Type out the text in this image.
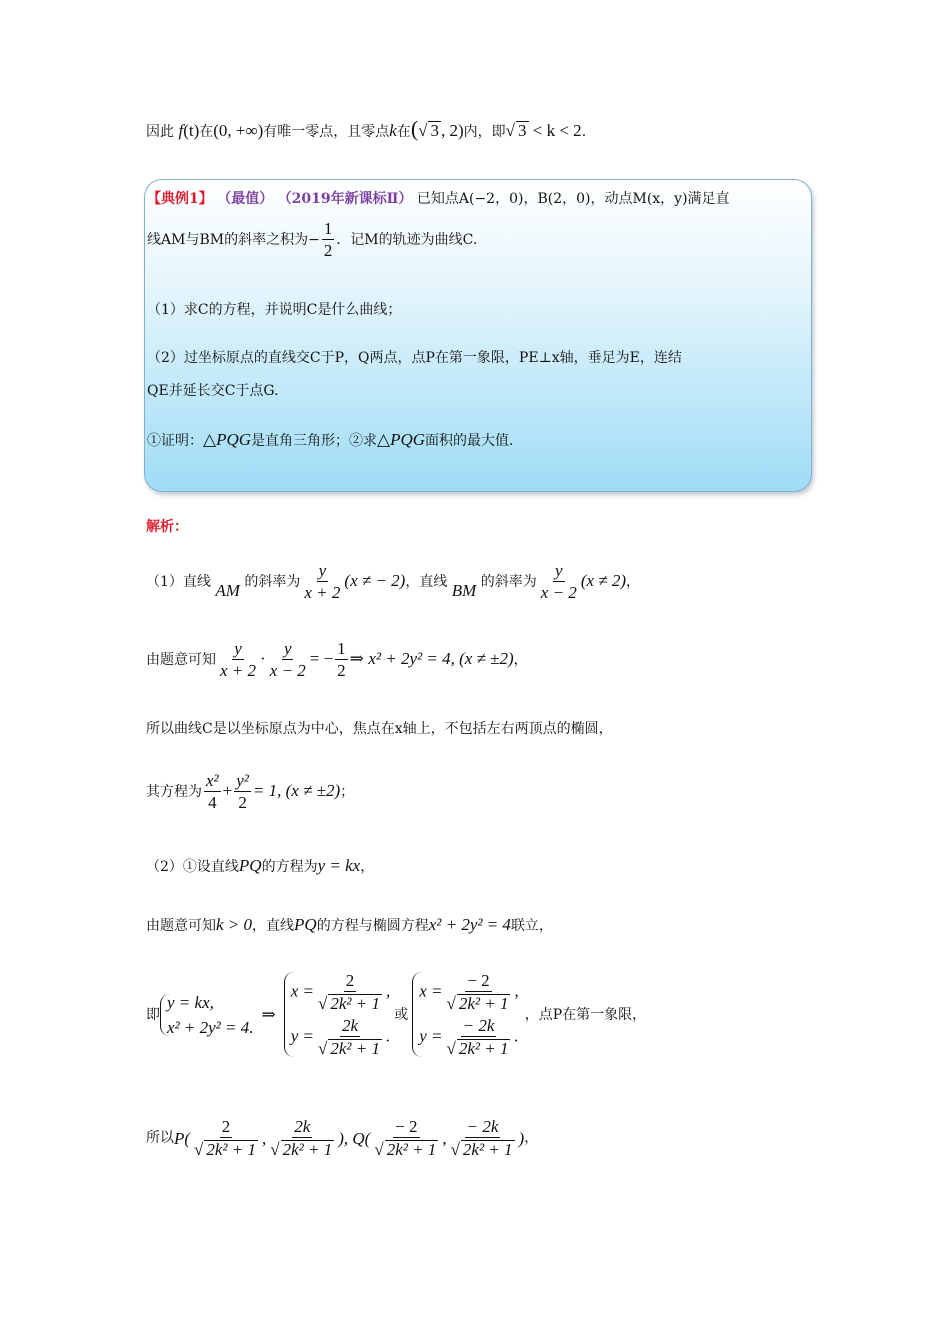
因此 f(t)在(0, +∞)有唯一零点，且零点k在(√ 3 , 2)内，即√ 3 < k < 2.
【典例1】 （最值） （2019年新课标Ⅱ） 已知点A(−2，0)，B(2，0)，动点M(x，y)满足直
线AM与BM的斜率之积为− $\frac{1}{2}$ ．记M的轨迹为曲线C.
（1）求C的方程，并说明C是什么曲线；
（2）过坐标原点的直线交C于P，Q两点，点P在第一象限，PE⊥x轴，垂足为E，连结
QE并延长交C于点G.
①证明：△PQG是直角三角形；②求△PQG面积的最大值.
解析：
（1）直线 AM 的斜率为 $\frac{y}{x + 2} (x$ ≠ − 2)，直线 BM 的斜率为 $\frac{y}{x - 2} (x \ne 2)$，
由题意可知 $\frac{y}{x + 2} \cdot \frac{y}{x - 2}$ = − $\frac{1}{2}$ ⇒ x² + 2y² = 4, (x ≠ ±2)，
所以曲线C是以坐标原点为中心，焦点在x轴上，不包括左右两顶点的椭圆，
其方程为 $\frac{\text{x²}}{4} + \frac{\text{y²}}{2} = 1$, (x ≠ ±2)；
（2）①设直线PQ的方程为y = kx，
由题意可知k > 0，直线PQ的方程与椭圆方程x² + 2y² = 4联立，
即
y = kx,
x² + 2y² = 4.
⇒
$x = \frac{2}{\text{√ 2k² + 1}}$ ,
$y = \frac{2k}{\text{√ 2k² + 1}}$ .
或
$x = \frac{- 2}{\text{√ 2k² + 1}}$ ,
$y = \frac{- 2k}{\text{√ 2k² + 1}}$ .
，点P在第一象限，
所以 $P( \frac{2}{\text{√ 2k² + 1}}$ , $\frac{2k}{\text{√ 2k² + 1}}$ ), $Q( \frac{- 2}{\text{√ 2k² + 1}}$ , $\frac{- 2k}{\text{√ 2k² + 1}}$ ) ，
